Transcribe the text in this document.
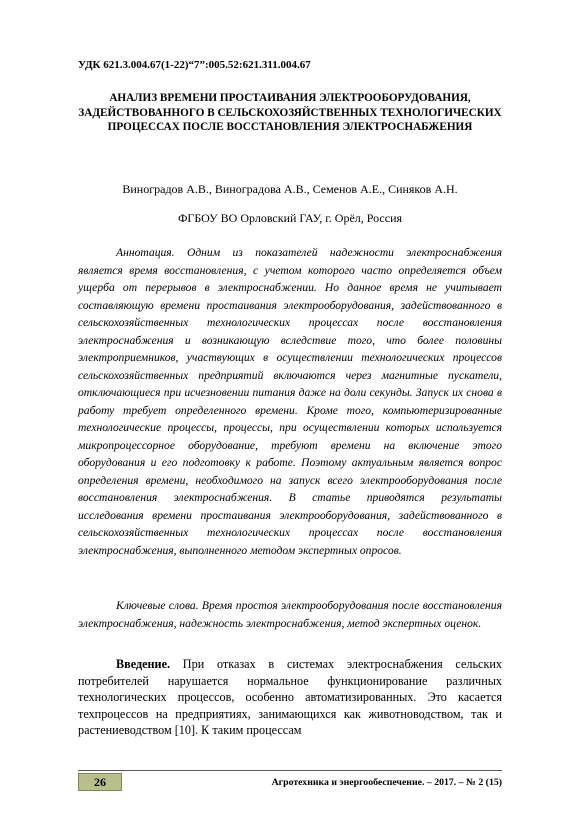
УДК 621.3.004.67(1-22)“7”:005.52:621.311.004.67
АНАЛИЗ ВРЕМЕНИ ПРОСТАИВАНИЯ ЭЛЕКТРООБОРУДОВАНИЯ, ЗАДЕЙСТВОВАННОГО В СЕЛЬСКОХОЗЯЙСТВЕННЫХ ТЕХНОЛОГИЧЕСКИХ ПРОЦЕССАХ ПОСЛЕ ВОССТАНОВЛЕНИЯ ЭЛЕКТРОСНАБЖЕНИЯ
Виноградов А.В., Виноградова А.В., Семенов А.Е., Синяков А.Н.
ФГБОУ ВО Орловский ГАУ, г. Орёл, Россия
Аннотация. Одним из показателей надежности электроснабжения является время восстановления, с учетом которого часто определяется объем ущерба от перерывов в электроснабжении. Но данное время не учитывает составляющую времени простаивания электрооборудования, задействованного в сельскохозяйственных технологических процессах после восстановления электроснабжения и возникающую вследствие того, что более половины электроприемников, участвующих в осуществлении технологических процессов сельскохозяйственных предприятий включаются через магнитные пускатели, отключающиеся при исчезновении питания даже на доли секунды. Запуск их снова в работу требует определенного времени. Кроме того, компьютеризированные технологические процессы, процессы, при осуществлении которых используется микропроцессорное оборудование, требуют времени на включение этого оборудования и его подготовку к работе. Поэтому актуальным является вопрос определения времени, необходимого на запуск всего электрооборудования после восстановления электроснабжения. В статье приводятся результаты исследования времени простаивания электрооборудования, задействованного в сельскохозяйственных технологических процессах после восстановления электроснабжения, выполненного методом экспертных опросов.
Ключевые слова. Время простоя электрооборудования после восстановления электроснабжения, надежность электроснабжения, метод экспертных оценок.
Введение. При отказах в системах электроснабжения сельских потребителей нарушается нормальное функционирование различных технологических процессов, особенно автоматизированных. Это касается техпроцессов на предприятиях, занимающихся как животноводством, так и растениеводством [10]. К таким процессам
26	Агротехника и энергообеспечение. – 2017. – № 2 (15)
